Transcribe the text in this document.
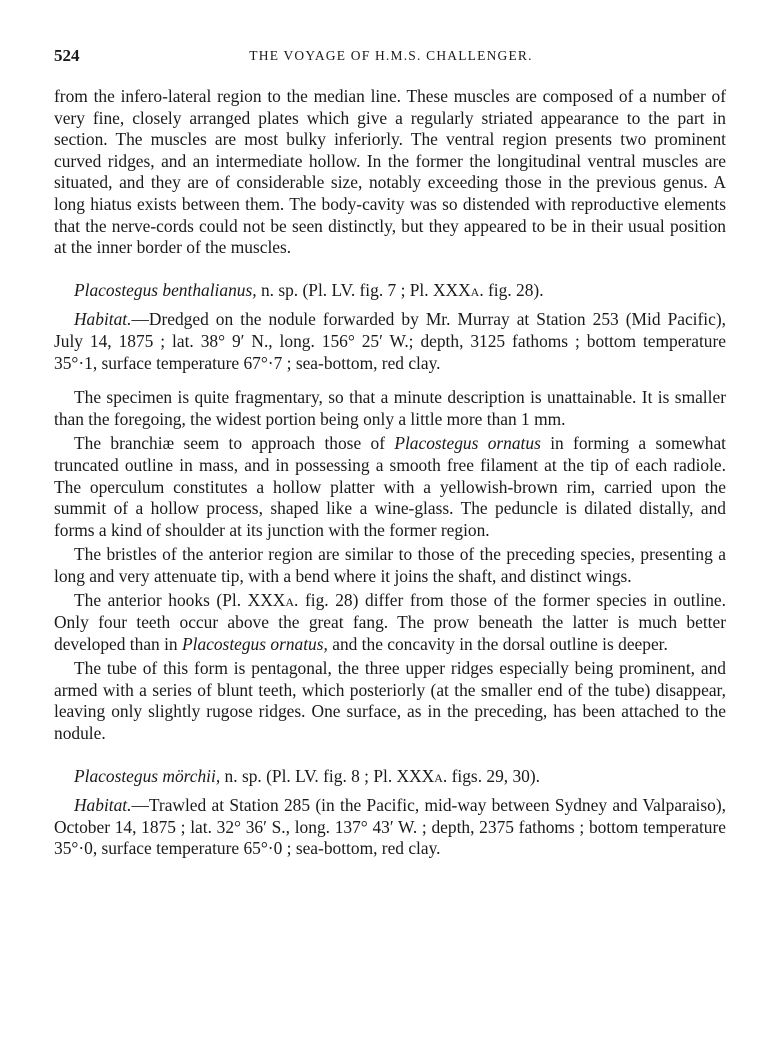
524	THE VOYAGE OF H.M.S. CHALLENGER.

from the infero-lateral region to the median line. These muscles are composed of a number of very fine, closely arranged plates which give a regularly striated appearance to the part in section. The muscles are most bulky inferiorly. The ventral region presents two prominent curved ridges, and an intermediate hollow. In the former the longitudinal ventral muscles are situated, and they are of considerable size, notably exceeding those in the previous genus. A long hiatus exists between them. The body-cavity was so distended with reproductive elements that the nerve-cords could not be seen distinctly, but they appeared to be in their usual position at the inner border of the muscles.

Placostegus benthalianus, n. sp. (Pl. LV. fig. 7 ; Pl. XXXa. fig. 28).

Habitat.—Dredged on the nodule forwarded by Mr. Murray at Station 253 (Mid Pacific), July 14, 1875 ; lat. 38° 9′ N., long. 156° 25′ W.; depth, 3125 fathoms ; bottom temperature 35°·1, surface temperature 67°·7 ; sea-bottom, red clay.

The specimen is quite fragmentary, so that a minute description is unattainable. It is smaller than the foregoing, the widest portion being only a little more than 1 mm.

The branchiæ seem to approach those of Placostegus ornatus in forming a somewhat truncated outline in mass, and in possessing a smooth free filament at the tip of each radiole. The operculum constitutes a hollow platter with a yellowish-brown rim, carried upon the summit of a hollow process, shaped like a wine-glass. The peduncle is dilated distally, and forms a kind of shoulder at its junction with the former region.

The bristles of the anterior region are similar to those of the preceding species, presenting a long and very attenuate tip, with a bend where it joins the shaft, and distinct wings.

The anterior hooks (Pl. XXXa. fig. 28) differ from those of the former species in outline. Only four teeth occur above the great fang. The prow beneath the latter is much better developed than in Placostegus ornatus, and the concavity in the dorsal outline is deeper.

The tube of this form is pentagonal, the three upper ridges especially being prominent, and armed with a series of blunt teeth, which posteriorly (at the smaller end of the tube) disappear, leaving only slightly rugose ridges. One surface, as in the preceding, has been attached to the nodule.

Placostegus mörchii, n. sp. (Pl. LV. fig. 8 ; Pl. XXXa. figs. 29, 30).

Habitat.—Trawled at Station 285 (in the Pacific, mid-way between Sydney and Valparaiso), October 14, 1875 ; lat. 32° 36′ S., long. 137° 43′ W. ; depth, 2375 fathoms ; bottom temperature 35°·0, surface temperature 65°·0 ; sea-bottom, red clay.
